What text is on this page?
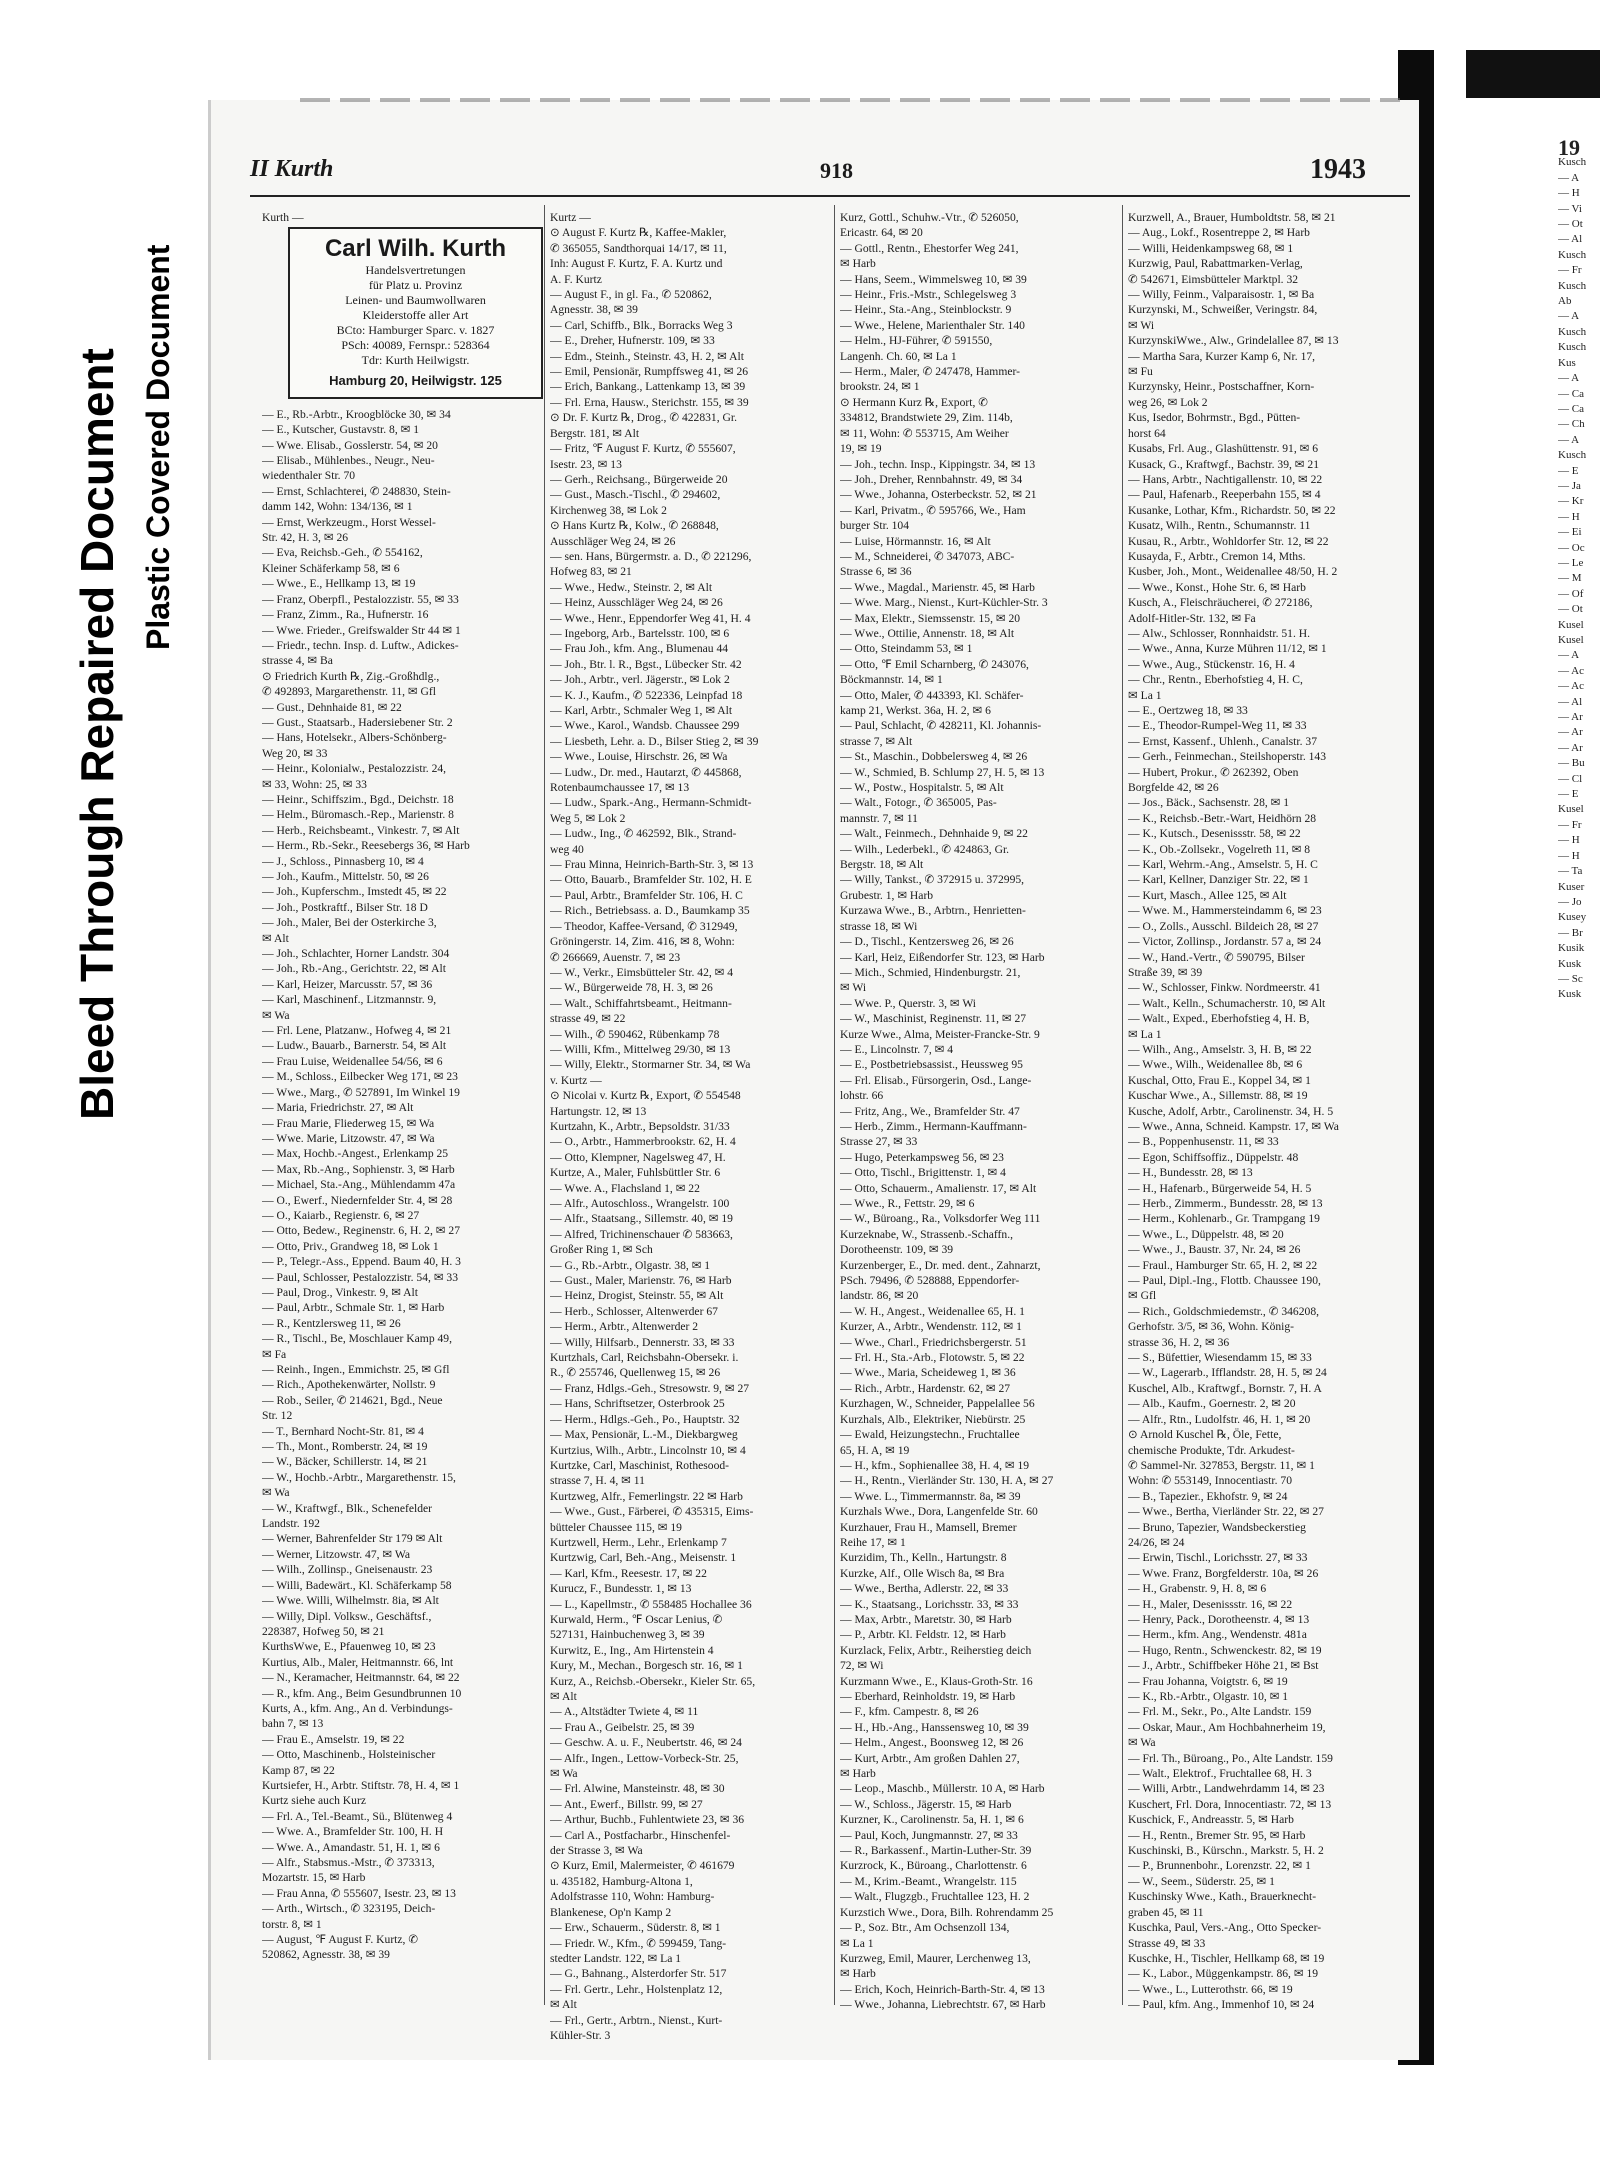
Bleed Through Repaired Document Plastic Covered Document
II Kurth	918	1943
Kurth —
Carl Wilh. Kurth
Handelsvertretungen
für Platz u. Provinz
Leinen- und Baumwollwaren
Kleiderstoffe aller Art
BCto: Hamburger Sparc. v. 1827
PSch: 40089, Fernspr.: 528364
Tdr: Kurth Heilwigstr.
Hamburg 20, Heilwigstr. 125
— E., Rb.-Arbtr., Kroogblöcke 30, ✉ 34
— E., Kutscher, Gustavstr. 8, ✉ 1
— Wwe. Elisab., Gosslerstr. 54, ✉ 20
— Elisab., Mühlenbes., Neugr., Neu-
wiedenthaler Str. 70
— Ernst, Schlachterei, ✆ 248830, Stein-
damm 142, Wohn: 134/136, ✉ 1
— Ernst, Werkzeugm., Horst Wessel-
Str. 42, H. 3, ✉ 26
— Eva, Reichsb.-Geh., ✆ 554162,
Kleiner Schäferkamp 58, ✉ 6
— Wwe., E., Hellkamp 13, ✉ 19
— Franz, Oberpfl., Pestalozzistr. 55, ✉ 33
— Franz, Zimm., Ra., Hufnerstr. 16
— Wwe. Frieder., Greifswalder Str 44 ✉ 1
— Friedr., techn. Insp. d. Luftw., Adickes-
strasse 4, ✉ Ba
⊙ Friedrich Kurth ℞, Zig.-Großhdlg.,
✆ 492893, Margarethenstr. 11, ✉ Gfl
— Gust., Dehnhaide 81, ✉ 22
— Gust., Staatsarb., Hadersiebener Str. 2
— Hans, Hotelsekr., Albers-Schönberg-
Weg 20, ✉ 33
— Heinr., Kolonialw., Pestalozzistr. 24,
✉ 33, Wohn: 25, ✉ 33
— Heinr., Schiffszim., Bgd., Deichstr. 18
— Helm., Büromasch.-Rep., Marienstr. 8
— Herb., Reichsbeamt., Vinkestr. 7, ✉ Alt
— Herm., Rb.-Sekr., Reesebergs 36, ✉ Harb
— J., Schloss., Pinnasberg 10, ✉ 4
— Joh., Kaufm., Mittelstr. 50, ✉ 26
— Joh., Kupferschm., Imstedt 45, ✉ 22
— Joh., Postkraftf., Bilser Str. 18 D
— Joh., Maler, Bei der Osterkirche 3,
✉ Alt
— Joh., Schlachter, Horner Landstr. 304
— Joh., Rb.-Ang., Gerichtstr. 22, ✉ Alt
— Karl, Heizer, Marcusstr. 57, ✉ 36
— Karl, Maschinenf., Litzmannstr. 9,
✉ Wa
— Frl. Lene, Platzanw., Hofweg 4, ✉ 21
— Ludw., Bauarb., Barnerstr. 54, ✉ Alt
— Frau Luise, Weidenallee 54/56, ✉ 6
— M., Schloss., Eilbecker Weg 171, ✉ 23
— Wwe., Marg., ✆ 527891, Im Winkel 19
— Maria, Friedrichstr. 27, ✉ Alt
— Frau Marie, Fliederweg 15, ✉ Wa
— Wwe. Marie, Litzowstr. 47, ✉ Wa
— Max, Hochb.-Angest., Erlenkamp 25
— Max, Rb.-Ang., Sophienstr. 3, ✉ Harb
— Michael, Sta.-Ang., Mühlendamm 47a
— O., Ewerf., Niedernfelder Str. 4, ✉ 28
— O., Kaiarb., Regienstr. 6, ✉ 27
— Otto, Bedew., Reginenstr. 6, H. 2, ✉ 27
— Otto, Priv., Grandweg 18, ✉ Lok 1
— P., Telegr.-Ass., Eppend. Baum 40, H. 3
— Paul, Schlosser, Pestalozzistr. 54, ✉ 33
— Paul, Drog., Vinkestr. 9, ✉ Alt
— Paul, Arbtr., Schmale Str. 1, ✉ Harb
— R., Kentzlersweg 11, ✉ 26
— R., Tischl., Be, Moschlauer Kamp 49,
✉ Fa
— Reinh., Ingen., Emmichstr. 25, ✉ Gfl
— Rich., Apothekenwärter, Nollstr. 9
— Rob., Seiler, ✆ 214621, Bgd., Neue
Str. 12
— T., Bernhard Nocht-Str. 81, ✉ 4
— Th., Mont., Romberstr. 24, ✉ 19
— W., Bäcker, Schillerstr. 14, ✉ 21
— W., Hochb.-Arbtr., Margarethenstr. 15,
✉ Wa
— W., Kraftwgf., Blk., Schenefelder
Landstr. 192
— Werner, Bahrenfelder Str 179 ✉ Alt
— Werner, Litzowstr. 47, ✉ Wa
— Wilh., Zollinsp., Gneisenaustr. 23
— Willi, Badewärt., Kl. Schäferkamp 58
— Wwe. Willi, Wilhelmstr. 8ia, ✉ Alt
— Willy, Dipl. Volksw., Geschäftsf.,
228387, Hofweg 50, ✉ 21
KurthsWwe, E., Pfauenweg 10, ✉ 23
Kurtius, Alb., Maler, Heitmannstr. 66, lnt
— N., Keramacher, Heitmannstr. 64, ✉ 22
— R., kfm. Ang., Beim Gesundbrunnen 10
Kurts, A., kfm. Ang., An d. Verbindungs-
bahn 7, ✉ 13
— Frau E., Amselstr. 19, ✉ 22
— Otto, Maschinenb., Holsteinischer
Kamp 87, ✉ 22
Kurtsiefer, H., Arbtr. Stiftstr. 78, H. 4, ✉ 1
Kurtz siehe auch Kurz
— Frl. A., Tel.-Beamt., Sü., Blütenweg 4
— Wwe. A., Bramfelder Str. 100, H. H
— Wwe. A., Amandastr. 51, H. 1, ✉ 6
— Alfr., Stabsmus.-Mstr., ✆ 373313,
Mozartstr. 15, ✉ Harb
— Frau Anna, ✆ 555607, Isestr. 23, ✉ 13
— Arth., Wirtsch., ✆ 323195, Deich-
torstr. 8, ✉ 1
— August, ℉ August F. Kurtz, ✆
520862, Agnesstr. 38, ✉ 39
Kurtz —
⊙ August F. Kurtz ℞, Kaffee-Makler,
✆ 365055, Sandthorquai 14/17, ✉ 11,
Inh: August F. Kurtz, F. A. Kurtz und
A. F. Kurtz
— August F., in gl. Fa., ✆ 520862,
Agnesstr. 38, ✉ 39
— Carl, Schiffb., Blk., Borracks Weg 3
— E., Dreher, Hufnerstr. 109, ✉ 33
— Edm., Steinh., Steinstr. 43, H. 2, ✉ Alt
— Emil, Pensionär, Rumpffsweg 41, ✉ 26
— Erich, Bankang., Lattenkamp 13, ✉ 39
— Frl. Erna, Hausw., Sterichstr. 155, ✉ 39
⊙ Dr. F. Kurtz ℞, Drog., ✆ 422831, Gr.
Bergstr. 181, ✉ Alt
— Fritz, ℉ August F. Kurtz, ✆ 555607,
Isestr. 23, ✉ 13
— Gerh., Reichsang., Bürgerweide 20
— Gust., Masch.-Tischl., ✆ 294602,
Kirchenweg 38, ✉ Lok 2
⊙ Hans Kurtz ℞, Kolw., ✆ 268848,
Ausschläger Weg 24, ✉ 26
— sen. Hans, Bürgermstr. a. D., ✆ 221296,
Hofweg 83, ✉ 21
— Wwe., Hedw., Steinstr. 2, ✉ Alt
— Heinz, Ausschläger Weg 24, ✉ 26
— Wwe., Henr., Eppendorfer Weg 41, H. 4
— Ingeborg, Arb., Bartelsstr. 100, ✉ 6
— Frau Joh., kfm. Ang., Blumenau 44
— Joh., Btr. l. R., Bgst., Lübecker Str. 42
— Joh., Arbtr., verl. Jägerstr., ✉ Lok 2
— K. J., Kaufm., ✆ 522336, Leinpfad 18
— Karl, Arbtr., Schmaler Weg 1, ✉ Alt
— Wwe., Karol., Wandsb. Chaussee 299
— Liesbeth, Lehr. a. D., Bilser Stieg 2, ✉ 39
— Wwe., Louise, Hirschstr. 26, ✉ Wa
— Ludw., Dr. med., Hautarzt, ✆ 445868,
Rotenbaumchaussee 17, ✉ 13
— Ludw., Spark.-Ang., Hermann-Schmidt-
Weg 5, ✉ Lok 2
— Ludw., Ing., ✆ 462592, Blk., Strand-
weg 40
— Frau Minna, Heinrich-Barth-Str. 3, ✉ 13
— Otto, Bauarb., Bramfelder Str. 102, H. E
— Paul, Arbtr., Bramfelder Str. 106, H. C
— Rich., Betriebsass. a. D., Baumkamp 35
— Theodor, Kaffee-Versand, ✆ 312949,
Gröningerstr. 14, Zim. 416, ✉ 8, Wohn:
✆ 266669, Auenstr. 7, ✉ 23
— W., Verkr., Eimsbütteler Str. 42, ✉ 4
— W., Bürgerweide 78, H. 3, ✉ 26
— Walt., Schiffahrtsbeamt., Heitmann-
strasse 49, ✉ 22
— Wilh., ✆ 590462, Rübenkamp 78
— Willi, Kfm., Mittelweg 29/30, ✉ 13
— Willy, Elektr., Stormarner Str. 34, ✉ Wa
v. Kurtz —
⊙ Nicolai v. Kurtz ℞, Export, ✆ 554548
Hartungstr. 12, ✉ 13
Kurtzahn, K., Arbtr., Bepsoldstr. 31/33
— O., Arbtr., Hammerbrookstr. 62, H. 4
— Otto, Klempner, Nagelsweg 47, H.
Kurtze, A., Maler, Fuhlsbüttler Str. 6
— Wwe. A., Flachsland 1, ✉ 22
— Alfr., Autoschloss., Wrangelstr. 100
— Alfr., Staatsang., Sillemstr. 40, ✉ 19
— Alfred, Trichinenschauer ✆ 583663,
Großer Ring 1, ✉ Sch
— G., Rb.-Arbtr., Olgastr. 38, ✉ 1
— Gust., Maler, Marienstr. 76, ✉ Harb
— Heinz, Drogist, Steinstr. 55, ✉ Alt
— Herb., Schlosser, Altenwerder 67
— Herm., Arbtr., Altenwerder 2
— Willy, Hilfsarb., Dennerstr. 33, ✉ 33
Kurtzhals, Carl, Reichsbahn-Obersekr. i.
R., ✆ 255746, Quellenweg 15, ✉ 26
— Franz, Hdlgs.-Geh., Stresowstr. 9, ✉ 27
— Hans, Schriftsetzer, Osterbrook 25
— Herm., Hdlgs.-Geh., Po., Hauptstr. 32
— Max, Pensionär, L.-M., Diekbargweg
Kurtzius, Wilh., Arbtr., Lincolnstr 10, ✉ 4
Kurtzke, Carl, Maschinist, Rothesood-
strasse 7, H. 4, ✉ 11
Kurtzweg, Alfr., Femerlingstr. 22 ✉ Harb
— Wwe., Gust., Färberei, ✆ 435315, Eims-
bütteler Chaussee 115, ✉ 19
Kurtzwell, Herm., Lehr., Erlenkamp 7
Kurtzwig, Carl, Beh.-Ang., Meisenstr. 1
— Karl, Kfm., Reesestr. 17, ✉ 22
Kurucz, F., Bundesstr. 1, ✉ 13
— L., Kapellmstr., ✆ 558485 Hochallee 36
Kurwald, Herm., ℉ Oscar Lenius, ✆
527131, Hainbuchenweg 3, ✉ 39
Kurwitz, E., Ing., Am Hirtenstein 4
Kury, M., Mechan., Borgesch str. 16, ✉ 1
Kurz, A., Reichsb.-Obersekr., Kieler Str. 65,
✉ Alt
— A., Altstädter Twiete 4, ✉ 11
— Frau A., Geibelstr. 25, ✉ 39
— Geschw. A. u. F., Neubertstr. 46, ✉ 24
— Alfr., Ingen., Lettow-Vorbeck-Str. 25,
✉ Wa
— Frl. Alwine, Mansteinstr. 48, ✉ 30
— Ant., Ewerf., Billstr. 99, ✉ 27
— Arthur, Buchb., Fuhlentwiete 23, ✉ 36
— Carl A., Postfacharbr., Hinschenfel-
der Strasse 3, ✉ Wa
⊙ Kurz, Emil, Malermeister, ✆ 461679
u. 435182, Hamburg-Altona 1,
Adolfstrasse 110, Wohn: Hamburg-
Blankenese, Op'n Kamp 2
— Erw., Schauerm., Süderstr. 8, ✉ 1
— Friedr. W., Kfm., ✆ 599459, Tang-
stedter Landstr. 122, ✉ La 1
— G., Bahnang., Alsterdorfer Str. 517
— Frl. Gertr., Lehr., Holstenplatz 12,
✉ Alt
— Frl., Gertr., Arbtrn., Nienst., Kurt-
Kühler-Str. 3
Kurz, Gottl., Schuhw.-Vtr., ✆ 526050,
Ericastr. 64, ✉ 20
— Gottl., Rentn., Ehestorfer Weg 241,
✉ Harb
— Hans, Seem., Wimmelsweg 10, ✉ 39
— Heinr., Fris.-Mstr., Schlegelsweg 3
— Heinr., Sta.-Ang., Steinblockstr. 9
— Wwe., Helene, Marienthaler Str. 140
— Helm., HJ-Führer, ✆ 591550,
Langenh. Ch. 60, ✉ La 1
— Herm., Maler, ✆ 247478, Hammer-
brookstr. 24, ✉ 1
⊙ Hermann Kurz ℞, Export, ✆
334812, Brandstwiete 29, Zim. 114b,
✉ 11, Wohn: ✆ 553715, Am Weiher
19, ✉ 19
— Joh., techn. Insp., Kippingstr. 34, ✉ 13
— Joh., Dreher, Rennbahnstr. 49, ✉ 34
— Wwe., Johanna, Osterbeckstr. 52, ✉ 21
— Karl, Privatm., ✆ 595766, We., Ham
burger Str. 104
— Luise, Hörmannstr. 16, ✉ Alt
— M., Schneiderei, ✆ 347073, ABC-
Strasse 6, ✉ 36
— Wwe., Magdal., Marienstr. 45, ✉ Harb
— Wwe. Marg., Nienst., Kurt-Küchler-Str. 3
— Max, Elektr., Siemssenstr. 15, ✉ 20
— Wwe., Ottilie, Annenstr. 18, ✉ Alt
— Otto, Steindamm 53, ✉ 1
— Otto, ℉ Emil Scharnberg, ✆ 243076,
Böckmannstr. 14, ✉ 1
— Otto, Maler, ✆ 443393, Kl. Schäfer-
kamp 21, Werkst. 36a, H. 2, ✉ 6
— Paul, Schlacht, ✆ 428211, Kl. Johannis-
strasse 7, ✉ Alt
— St., Maschin., Dobbelersweg 4, ✉ 26
— W., Schmied, B. Schlump 27, H. 5, ✉ 13
— W., Postw., Hospitalstr. 5, ✉ Alt
— Walt., Fotogr., ✆ 365005, Pas-
mannstr. 7, ✉ 11
— Walt., Feinmech., Dehnhaide 9, ✉ 22
— Wilh., Lederbekl., ✆ 424863, Gr.
Bergstr. 18, ✉ Alt
— Willy, Tankst., ✆ 372915 u. 372995,
Grubestr. 1, ✉ Harb
Kurzawa Wwe., B., Arbtrn., Henrietten-
strasse 18, ✉ Wi
— D., Tischl., Kentzersweg 26, ✉ 26
— Karl, Heiz, Eißendorfer Str. 123, ✉ Harb
— Mich., Schmied, Hindenburgstr. 21,
✉ Wi
— Wwe. P., Querstr. 3, ✉ Wi
— W., Maschinist, Reginenstr. 11, ✉ 27
Kurze Wwe., Alma, Meister-Francke-Str. 9
— E., Lincolnstr. 7, ✉ 4
— E., Postbetriebsassist., Heussweg 95
— Frl. Elisab., Fürsorgerin, Osd., Lange-
lohstr. 66
— Fritz, Ang., We., Bramfelder Str. 47
— Herb., Zimm., Hermann-Kauffmann-
Strasse 27, ✉ 33
— Hugo, Peterkampsweg 56, ✉ 23
— Otto, Tischl., Brigittenstr. 1, ✉ 4
— Otto, Schauerm., Amalienstr. 17, ✉ Alt
— Wwe., R., Fettstr. 29, ✉ 6
— W., Büroang., Ra., Volksdorfer Weg 111
Kurzeknabe, W., Strassenb.-Schaffn.,
Dorotheenstr. 109, ✉ 39
Kurzenberger, E., Dr. med. dent., Zahnarzt,
PSch. 79496, ✆ 528888, Eppendorfer-
landstr. 86, ✉ 20
— W. H., Angest., Weidenallee 65, H. 1
Kurzer, A., Arbtr., Wendenstr. 112, ✉ 1
— Wwe., Charl., Friedrichsbergerstr. 51
— Frl. H., Sta.-Arb., Flotowstr. 5, ✉ 22
— Wwe., Maria, Scheideweg 1, ✉ 36
— Rich., Arbtr., Hardenstr. 62, ✉ 27
Kurzhagen, W., Schneider, Pappelallee 56
Kurzhals, Alb., Elektriker, Niebürstr. 25
— Ewald, Heizungstechn., Fruchtallee
65, H. A, ✉ 19
— H., kfm., Sophienallee 38, H. 4, ✉ 19
— H., Rentn., Vierländer Str. 130, H. A, ✉ 27
— Wwe. L., Timmermannstr. 8a, ✉ 39
Kurzhals Wwe., Dora, Langenfelde Str. 60
Kurzhauer, Frau H., Mamsell, Bremer
Reihe 17, ✉ 1
Kurzidim, Th., Kelln., Hartungstr. 8
Kurzke, Alf., Olle Wisch 8a, ✉ Bra
— Wwe., Bertha, Adlerstr. 22, ✉ 33
— K., Staatsang., Lorichsstr. 33, ✉ 33
— Max, Arbtr., Maretstr. 30, ✉ Harb
— P., Arbtr. Kl. Feldstr. 12, ✉ Harb
Kurzlack, Felix, Arbtr., Reiherstieg deich
72, ✉ Wi
Kurzmann Wwe., E., Klaus-Groth-Str. 16
— Eberhard, Reinholdstr. 19, ✉ Harb
— F., kfm. Campestr. 8, ✉ 26
— H., Hb.-Ang., Hanssensweg 10, ✉ 39
— Helm., Angest., Boonsweg 12, ✉ 26
— Kurt, Arbtr., Am großen Dahlen 27,
✉ Harb
— Leop., Maschb., Müllerstr. 10 A, ✉ Harb
— W., Schloss., Jägerstr. 15, ✉ Harb
Kurzner, K., Carolinenstr. 5a, H. 1, ✉ 6
— Paul, Koch, Jungmannstr. 27, ✉ 33
— R., Barkassenf., Martin-Luther-Str. 39
Kurzrock, K., Büroang., Charlottenstr. 6
— M., Krim.-Beamt., Wrangelstr. 115
— Walt., Flugzgb., Fruchtallee 123, H. 2
Kurzstich Wwe., Dora, Bilh. Rohrendamm 25
— P., Soz. Btr., Am Ochsenzoll 134,
✉ La 1
Kurzweg, Emil, Maurer, Lerchenweg 13,
✉ Harb
— Erich, Koch, Heinrich-Barth-Str. 4, ✉ 13
— Wwe., Johanna, Liebrechtstr. 67, ✉ Harb
Kurzwell, A., Brauer, Humboldtstr. 58, ✉ 21
— Aug., Lokf., Rosentreppe 2, ✉ Harb
— Willi, Heidenkampsweg 68, ✉ 1
Kurzwig, Paul, Rabattmarken-Verlag,
✆ 542671, Eimsbütteler Marktpl. 32
— Willy, Feinm., Valparaisostr. 1, ✉ Ba
Kurzynski, M., Schweißer, Veringstr. 84,
✉ Wi
KurzynskiWwe., Alw., Grindelallee 87, ✉ 13
— Martha Sara, Kurzer Kamp 6, Nr. 17,
✉ Fu
Kurzynsky, Heinr., Postschaffner, Korn-
weg 26, ✉ Lok 2
Kus, Isedor, Bohrmstr., Bgd., Pütten-
horst 64
Kusabs, Frl. Aug., Glashüttenstr. 91, ✉ 6
Kusack, G., Kraftwgf., Bachstr. 39, ✉ 21
— Hans, Arbtr., Nachtigallenstr. 10, ✉ 22
— Paul, Hafenarb., Reeperbahn 155, ✉ 4
Kusanke, Lothar, Kfm., Richardstr. 50, ✉ 22
Kusatz, Wilh., Rentn., Schumannstr. 11
Kusau, R., Arbtr., Wohldorfer Str. 12, ✉ 22
Kusayda, F., Arbtr., Cremon 14, Mths.
Kusber, Joh., Mont., Weidenallee 48/50, H. 2
— Wwe., Konst., Hohe Str. 6, ✉ Harb
Kusch, A., Fleischräucherei, ✆ 272186,
Adolf-Hitler-Str. 132, ✉ Fa
— Alw., Schlosser, Ronnhaidstr. 51. H.
— Wwe., Anna, Kurze Mühren 11/12, ✉ 1
— Wwe., Aug., Stückenstr. 16, H. 4
— Chr., Rentn., Eberhofstieg 4, H. C,
✉ La 1
— E., Oertzweg 18, ✉ 33
— E., Theodor-Rumpel-Weg 11, ✉ 33
— Ernst, Kassenf., Uhlenh., Canalstr. 37
— Gerh., Feinmechan., Steilshoperstr. 143
— Hubert, Prokur., ✆ 262392, Oben
Borgfelde 42, ✉ 26
— Jos., Bäck., Sachsenstr. 28, ✉ 1
— K., Reichsb.-Betr.-Wart, Heidhörn 28
— K., Kutsch., Desenissstr. 58, ✉ 22
— K., Ob.-Zollsekr., Vogelreth 11, ✉ 8
— Karl, Wehrm.-Ang., Amselstr. 5, H. C
— Karl, Kellner, Danziger Str. 22, ✉ 1
— Kurt, Masch., Allee 125, ✉ Alt
— Wwe. M., Hammersteindamm 6, ✉ 23
— O., Zolls., Ausschl. Bildeich 28, ✉ 27
— Victor, Zollinsp., Jordanstr. 57 a, ✉ 24
— W., Hand.-Vertr., ✆ 590795, Bilser
Straße 39, ✉ 39
— W., Schlosser, Finkw. Nordmeerstr. 41
— Walt., Kelln., Schumacherstr. 10, ✉ Alt
— Walt., Exped., Eberhofstieg 4, H. B,
✉ La 1
— Wilh., Ang., Amselstr. 3, H. B, ✉ 22
— Wwe., Wilh., Weidenallee 8b, ✉ 6
Kuschal, Otto, Frau E., Koppel 34, ✉ 1
Kuschar Wwe., A., Sillemstr. 88, ✉ 19
Kusche, Adolf, Arbtr., Carolinenstr. 34, H. 5
— Wwe., Anna, Schneid. Kampstr. 17, ✉ Wa
— B., Poppenhusenstr. 11, ✉ 33
— Egon, Schiffsoffiz., Düppelstr. 48
— H., Bundesstr. 28, ✉ 13
— H., Hafenarb., Bürgerweide 54, H. 5
— Herb., Zimmerm., Bundesstr. 28, ✉ 13
— Herm., Kohlenarb., Gr. Trampgang 19
— Wwe., L., Düppelstr. 48, ✉ 20
— Wwe., J., Baustr. 37, Nr. 24, ✉ 26
— Fraul., Hamburger Str. 65, H. 2, ✉ 22
— Paul, Dipl.-Ing., Flottb. Chaussee 190,
✉ Gfl
— Rich., Goldschmiedemstr., ✆ 346208,
Gerhofstr. 3/5, ✉ 36, Wohn. König-
strasse 36, H. 2, ✉ 36
— S., Büfettier, Wiesendamm 15, ✉ 33
— W., Lagerarb., Ifflandstr. 28, H. 5, ✉ 24
Kuschel, Alb., Kraftwgf., Bornstr. 7, H. A
— Alb., Kaufm., Goernestr. 2, ✉ 20
— Alfr., Rtn., Ludolfstr. 46, H. 1, ✉ 20
⊙ Arnold Kuschel ℞, Öle, Fette,
chemische Produkte, Tdr. Arkudest-
✆ Sammel-Nr. 327853, Bergstr. 11, ✉ 1
Wohn: ✆ 553149, Innocentiastr. 70
— B., Tapezier., Ekhofstr. 9, ✉ 24
— Wwe., Bertha, Vierländer Str. 22, ✉ 27
— Bruno, Tapezier, Wandsbeckerstieg
24/26, ✉ 24
— Erwin, Tischl., Lorichsstr. 27, ✉ 33
— Wwe. Franz, Borgfelderstr. 10a, ✉ 26
— H., Grabenstr. 9, H. 8, ✉ 6
— H., Maler, Desenissstr. 16, ✉ 22
— Henry, Pack., Dorotheenstr. 4, ✉ 13
— Herm., kfm. Ang., Wendenstr. 481a
— Hugo, Rentn., Schwenckestr. 82, ✉ 19
— J., Arbtr., Schiffbeker Höhe 21, ✉ Bst
— Frau Johanna, Voigtstr. 6, ✉ 19
— K., Rb.-Arbtr., Olgastr. 10, ✉ 1
— Frl. M., Sekr., Po., Alte Landstr. 159
— Oskar, Maur., Am Hochbahnerheim 19,
✉ Wa
— Frl. Th., Büroang., Po., Alte Landstr. 159
— Walt., Elektrof., Fruchtallee 68, H. 3
— Willi, Arbtr., Landwehrdamm 14, ✉ 23
Kuschert, Frl. Dora, Innocentiastr. 72, ✉ 13
Kuschick, F., Andreasstr. 5, ✉ Harb
— H., Rentn., Bremer Str. 95, ✉ Harb
Kuschinski, B., Kürschn., Markstr. 5, H. 2
— P., Brunnenbohr., Lorenzstr. 22, ✉ 1
— W., Seem., Süderstr. 25, ✉ 1
Kuschinsky Wwe., Kath., Brauerknecht-
graben 45, ✉ 11
Kuschka, Paul, Vers.-Ang., Otto Specker-
Strasse 49, ✉ 33
Kuschke, H., Tischler, Hellkamp 68, ✉ 19
— K., Labor., Müggenkampstr. 86, ✉ 19
— Wwe., L., Lutterothstr. 66, ✉ 19
— Paul, kfm. Ang., Immenhof 10, ✉ 24
19
Kusch
— A
— H
— Vi
— Ot
— Al
Kusch
— Fr
Kusch
Ab
— A
Kusch
Kusch
Kus
— A
— Ca
— Ca
— Ch
— A
Kusch
— E
— Ja
— Kr
— H
— Ei
— Oc
— Le
— M
— Of
— Ot
Kusel
Kusel
— A
— Ac
— Ac
— Al
— Ar
— Ar
— Ar
— Bu
— Cl
— E
Kusel
— Fr
— H
— H
— Ta
Kuser
— Jo
Kusey
— Br
Kusik
Kusk
— Sc
Kusk
